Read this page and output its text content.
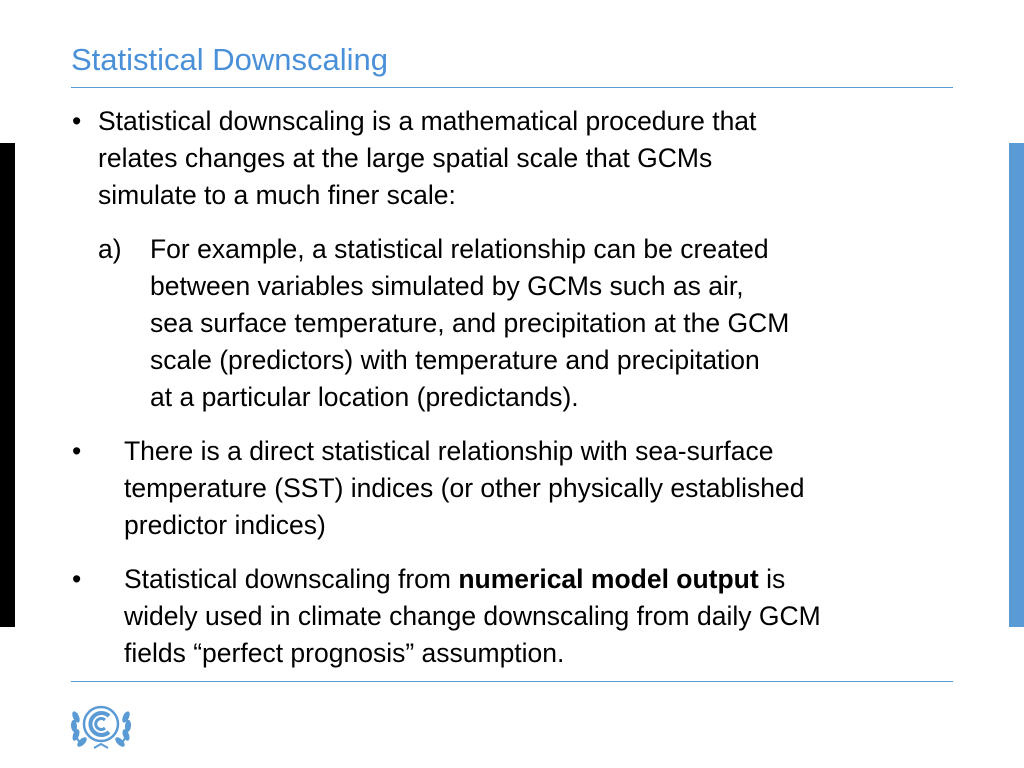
Statistical Downscaling
• Statistical downscaling is a mathematical procedure that
relates changes at the large spatial scale that GCMs
simulate to a much finer scale:
a) For example, a statistical relationship can be created
between variables simulated by GCMs such as air,
sea surface temperature, and precipitation at the GCM
scale (predictors) with temperature and precipitation
at a particular location (predictands).
• There is a direct statistical relationship with sea-surface
temperature (SST) indices (or other physically established
predictor indices)
• Statistical downscaling from numerical model output is
widely used in climate change downscaling from daily GCM
fields “perfect prognosis” assumption.
